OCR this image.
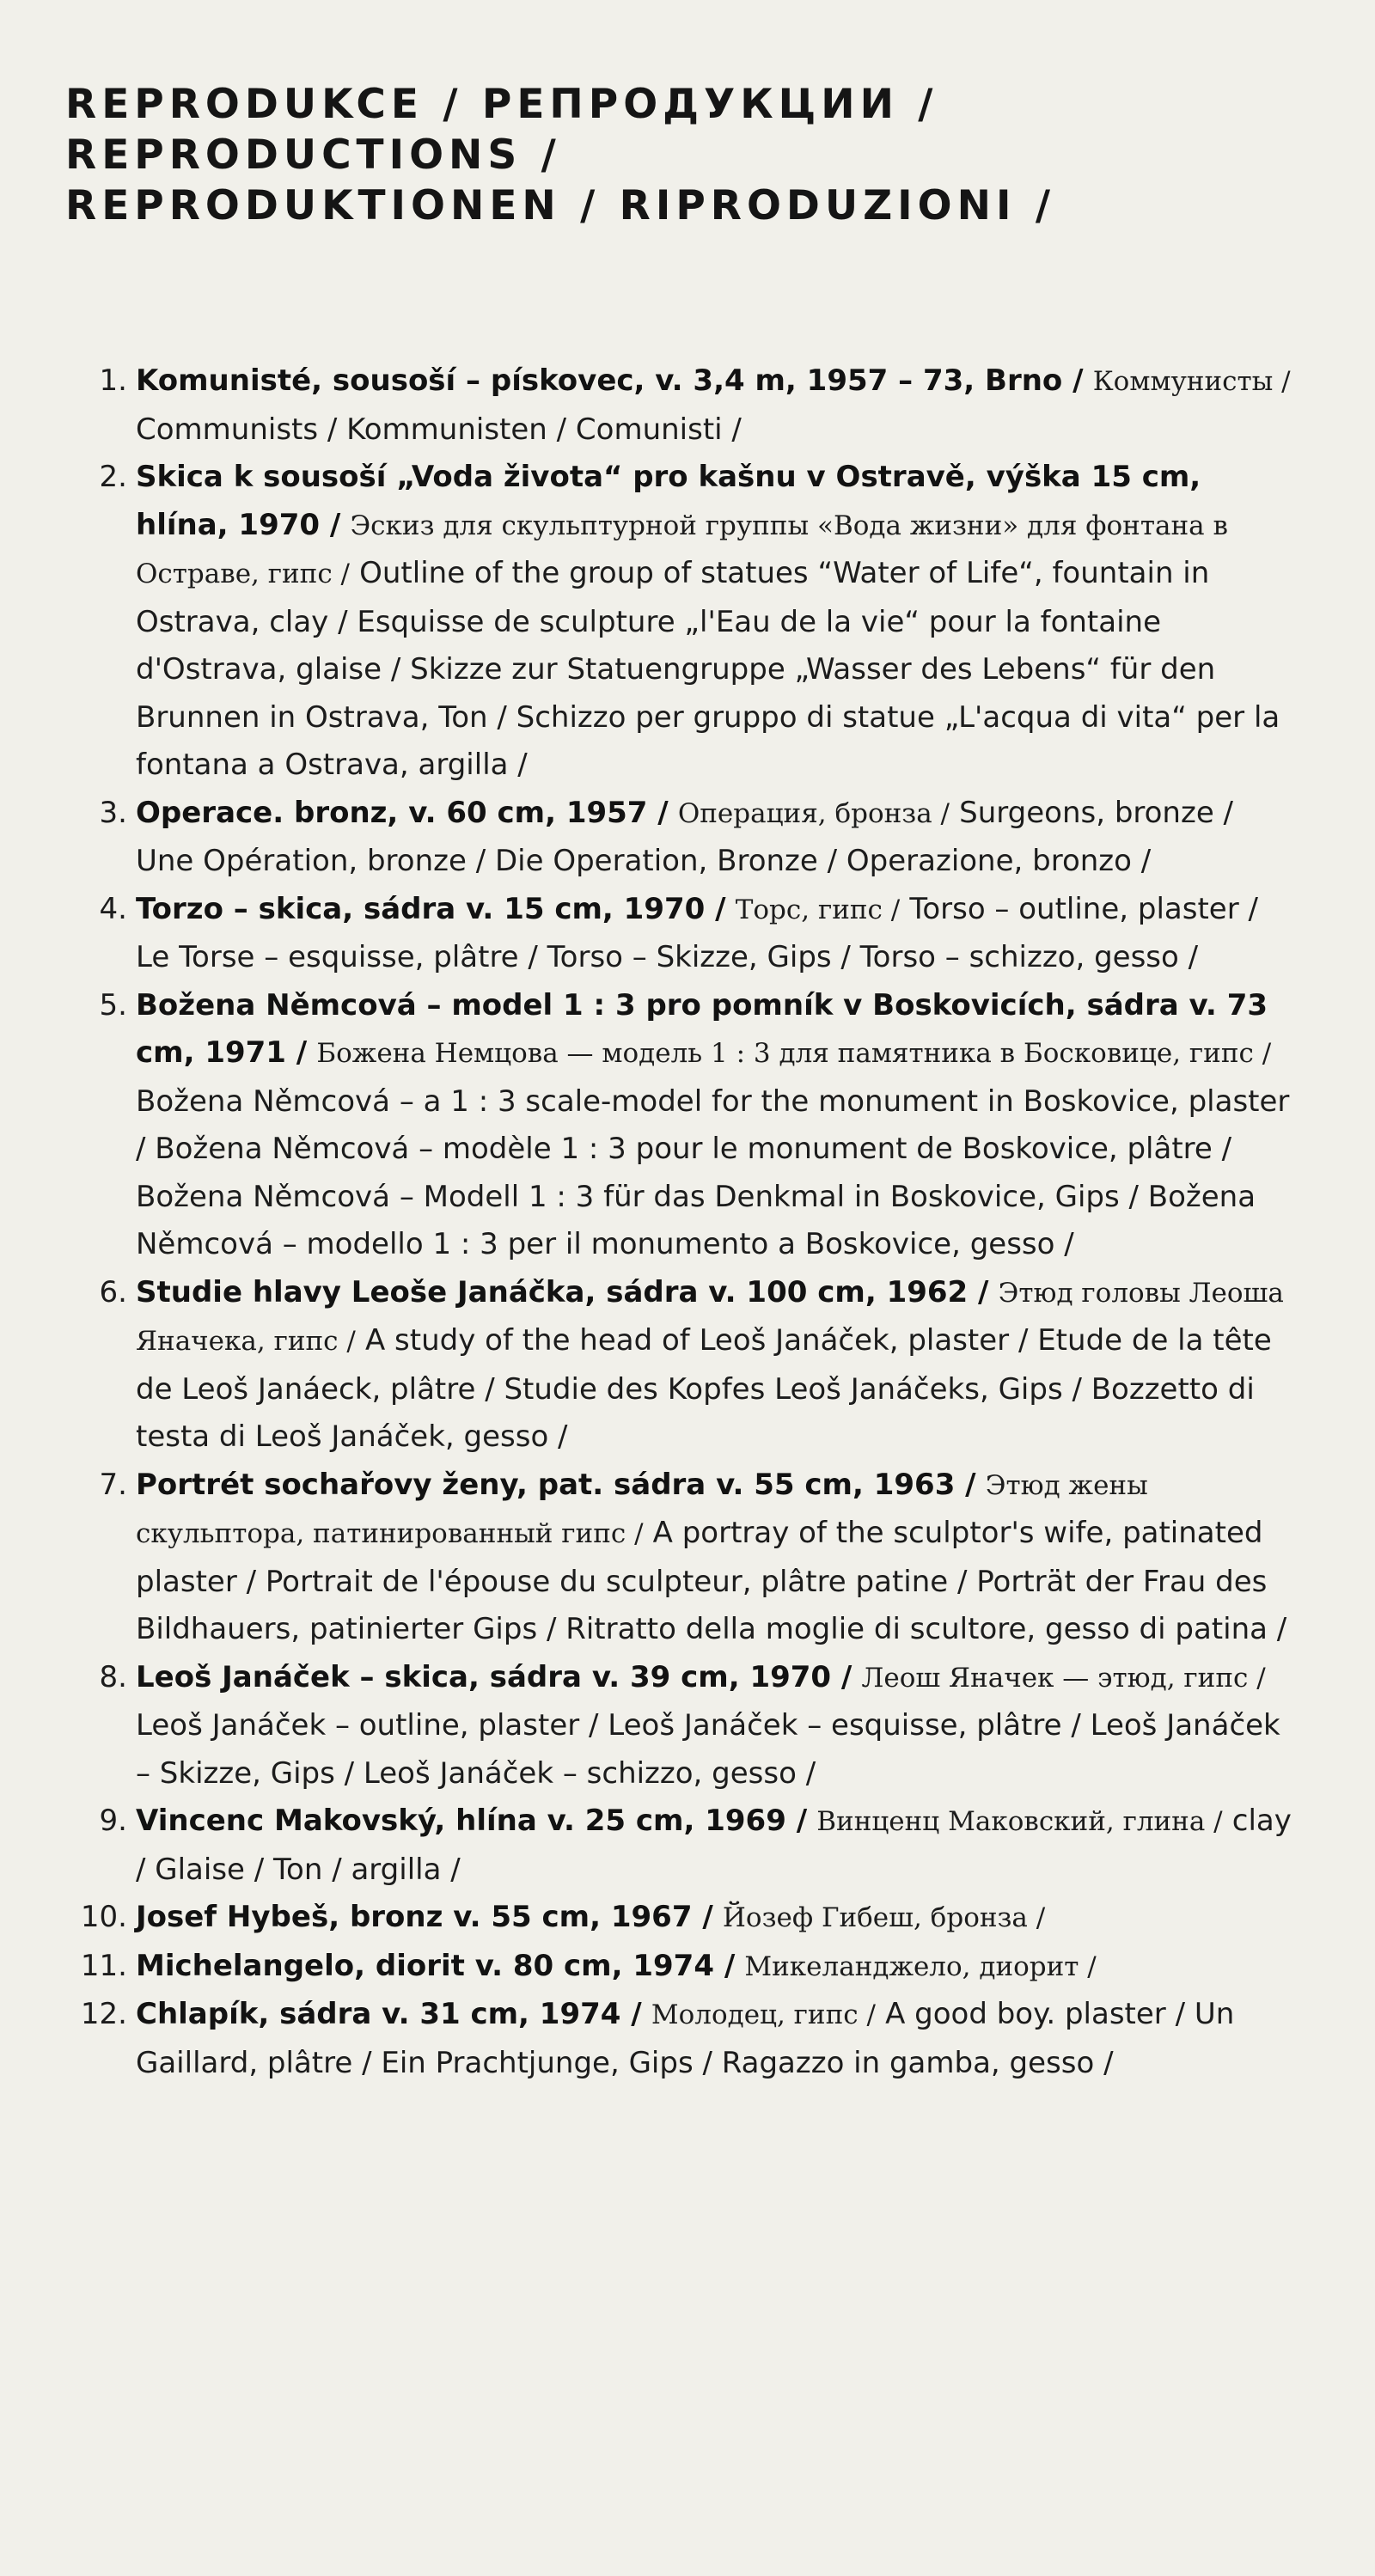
REPRODUKCE / РЕПРОДУКЦИИ /
REPRODUCTIONS /
REPRODUKTIONEN / RIPRODUZIONI /
1. Komunisté, sousoší – pískovec, v. 3,4 m, 1957 – 73, Brno / Коммунисты / Communists / Kommunisten / Comunisti /
2. Skica k sousoší „Voda života“ pro kašnu v Ostravě, výška 15 cm, hlína, 1970 / Эскиз для скульптурной группы «Вода жизни» для фонтана в Остраве, гипс / Outline of the group of statues “Water of Life“, fountain in Ostrava, clay / Esquisse de sculpture „l'Eau de la vie“ pour la fontaine d'Ostrava, glaise / Skizze zur Statuengruppe „Wasser des Lebens“ für den Brunnen in Ostrava, Ton / Schizzo per gruppo di statue „L'acqua di vita“ per la fontana a Ostrava, argilla /
3. Operace. bronz, v. 60 cm, 1957 / Операция, бронза / Surgeons, bronze / Une Opération, bronze / Die Operation, Bronze / Operazione, bronzo /
4. Torzo – skica, sádra v. 15 cm, 1970 / Торс, гипс / Torso – outline, plaster / Le Torse – esquisse, plâtre / Torso – Skizze, Gips / Torso – schizzo, gesso /
5. Božena Němcová – model 1 : 3 pro pomník v Boskovicích, sádra v. 73 cm, 1971 / Божена Немцова — модель 1 : 3 для памятника в Босковице, гипс / Božena Němcová – a 1 : 3 scale-model for the monument in Boskovice, plaster / Božena Němcová – modèle 1 : 3 pour le monument de Boskovice, plâtre / Božena Němcová – Modell 1 : 3 für das Denkmal in Boskovice, Gips / Božena Němcová – modello 1 : 3 per il monumento a Boskovice, gesso /
6. Studie hlavy Leoše Janáčka, sádra v. 100 cm, 1962 / Этюд головы Леоша Яначека, гипс / A study of the head of Leoš Janáček, plaster / Etude de la tête de Leoš Janáeck, plâtre / Studie des Kopfes Leoš Janáčeks, Gips / Bozzetto di testa di Leoš Janáček, gesso /
7. Portrét sochařovy ženy, pat. sádra v. 55 cm, 1963 / Этюд жены скульптора, патинированный гипс / A portray of the sculptor's wife, patinated plaster / Portrait de l'épouse du sculpteur, plâtre patine / Porträt der Frau des Bildhauers, patinierter Gips / Ritratto della moglie di scultore, gesso di patina /
8. Leoš Janáček – skica, sádra v. 39 cm, 1970 / Леош Яначек — этюд, гипс / Leoš Janáček – outline, plaster / Leoš Janáček – esquisse, plâtre / Leoš Janáček – Skizze, Gips / Leoš Janáček – schizzo, gesso /
9. Vincenc Makovský, hlína v. 25 cm, 1969 / Винценц Маковский, глина / clay / Glaise / Ton / argilla /
10. Josef Hybeš, bronz v. 55 cm, 1967 / Йозеф Гибеш, бронза /
11. Michelangelo, diorit v. 80 cm, 1974 / Микеланджело, диорит /
12. Chlapík, sádra v. 31 cm, 1974 / Молодец, гипс / A good boy. plaster / Un Gaillard, plâtre / Ein Prachtjunge, Gips / Ragazzo in gamba, gesso /
